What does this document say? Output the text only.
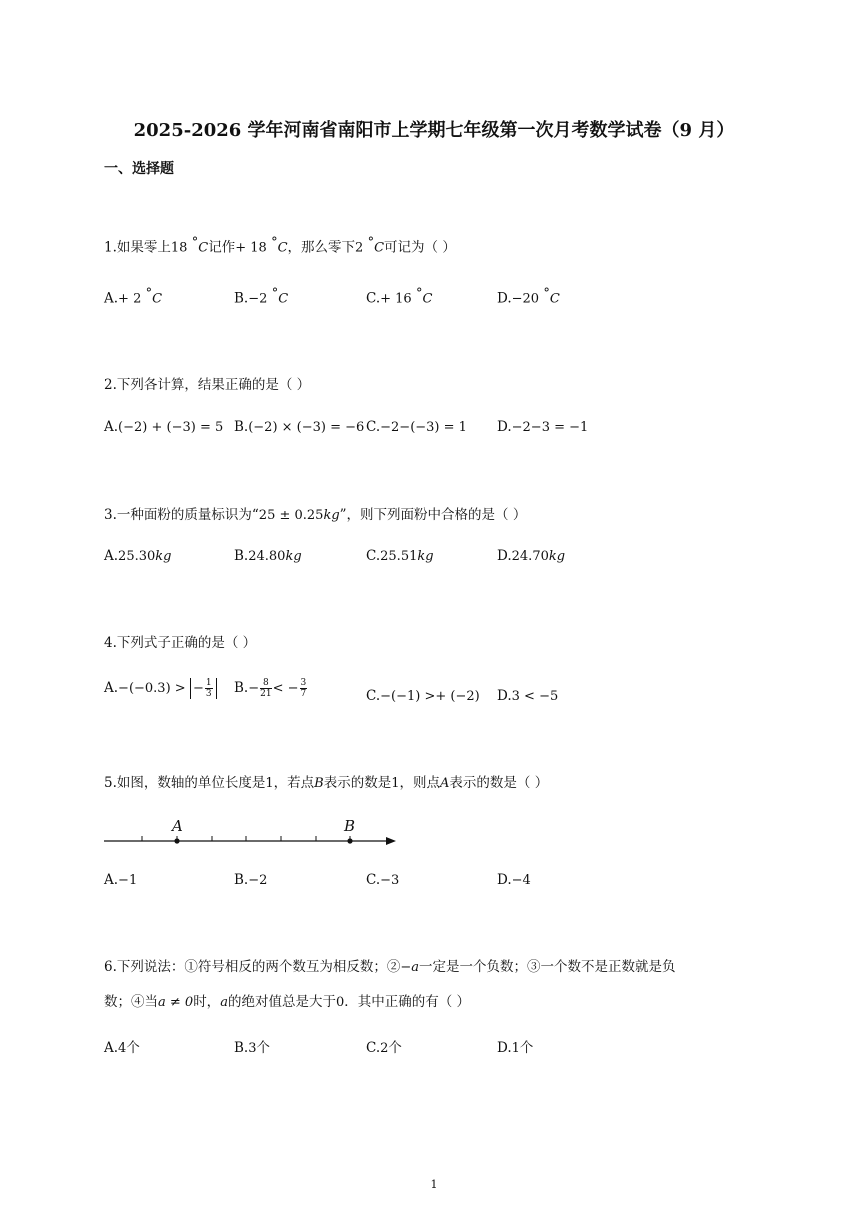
2025-2026 学年河南省南阳市上学期七年级第一次月考数学试卷（9 月）
一、选择题
1.如果零上18 °C记作+ 18 °C，那么零下2 °C可记为（ ）
A.+ 2 °C	B.−2 °C	C.+ 16 °C	D.−20 °C
2.下列各计算，结果正确的是（ ）
A.(−2) + (−3) = 5 B.(−2) × (−3) = −6 C.−2−(−3) = 1 D.−2−3 = −1
3.一种面粉的质量标识为“25 ± 0.25kg”，则下列面粉中合格的是（ ）
A.25.30kg	B.24.80kg	C.25.51kg	D.24.70kg
4.下列式子正确的是（ ）
A.−(−0.3) > − $\frac{1}{3} B.- \frac{8}{21}$ < − $\frac{3}{7}$	C.−(−1) >+ (−2) D.3 < −5
5.如图，数轴的单位长度是1，若点B表示的数是1，则点A表示的数是（ ）
A	B
A.−1	B.−2	C.−3	D.−4
6.下列说法：①符号相反的两个数互为相反数；②−a一定是一个负数；③一个数不是正数就是负
数；④当a ≠ 0时，a的绝对值总是大于0．其中正确的有（ ）
A.4个	B.3个	C.2个	D.1个
1
